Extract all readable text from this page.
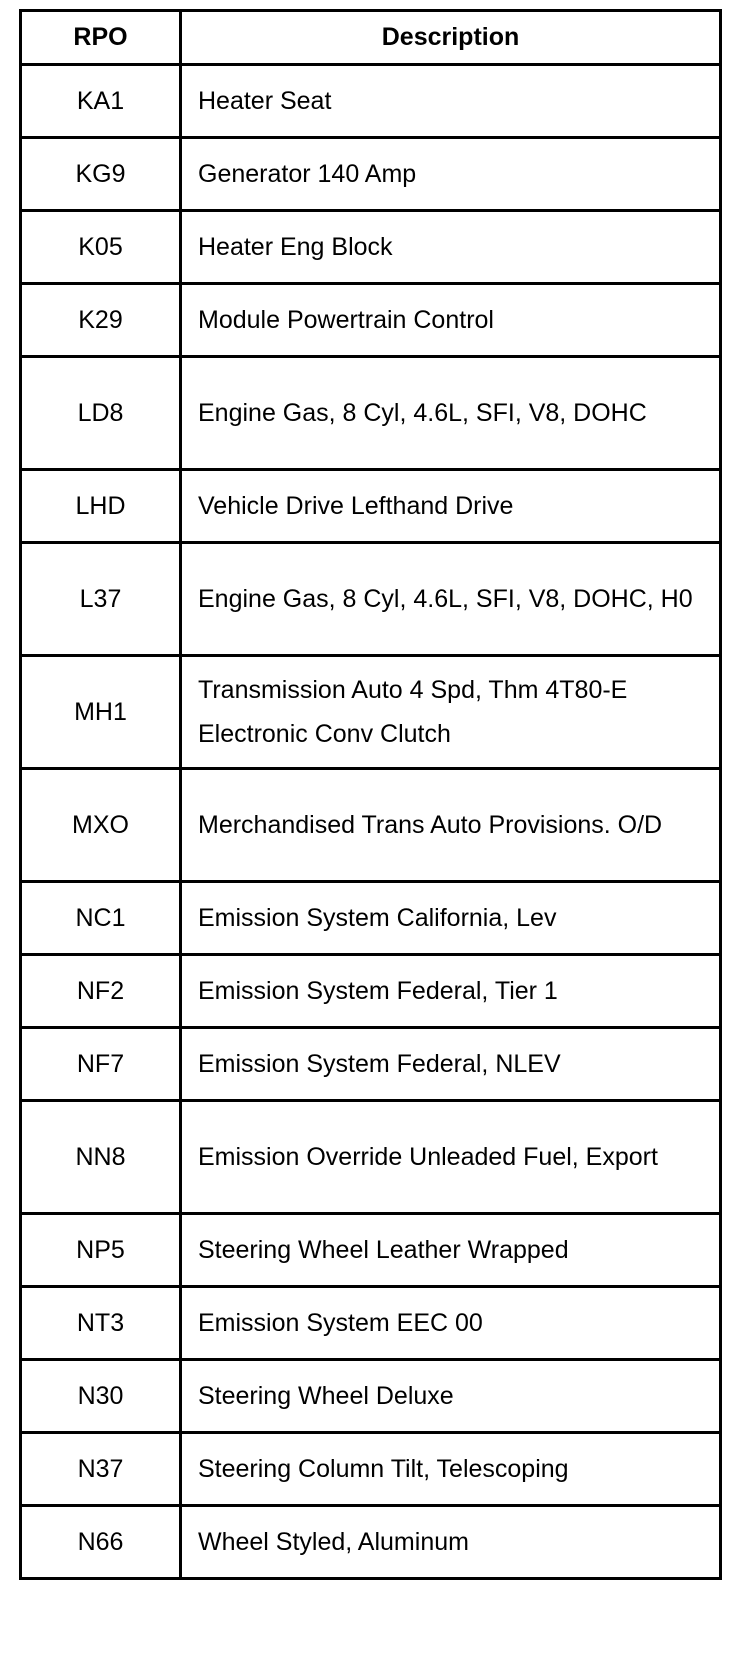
RPO	Description
KA1	Heater Seat
KG9	Generator 140 Amp
K05	Heater Eng Block
K29	Module Powertrain Control
LD8	Engine Gas, 8 Cyl, 4.6L, SFI, V8, DOHC
LHD	Vehicle Drive Lefthand Drive
L37	Engine Gas, 8 Cyl, 4.6L, SFI, V8, DOHC, H0
MH1	Transmission Auto 4 Spd, Thm 4T80-E Electronic Conv Clutch
MXO	Merchandised Trans Auto Provisions. O/D
NC1	Emission System California, Lev
NF2	Emission System Federal, Tier 1
NF7	Emission System Federal, NLEV
NN8	Emission Override Unleaded Fuel, Export
NP5	Steering Wheel Leather Wrapped
NT3	Emission System EEC 00
N30	Steering Wheel Deluxe
N37	Steering Column Tilt, Telescoping
N66	Wheel Styled, Aluminum
